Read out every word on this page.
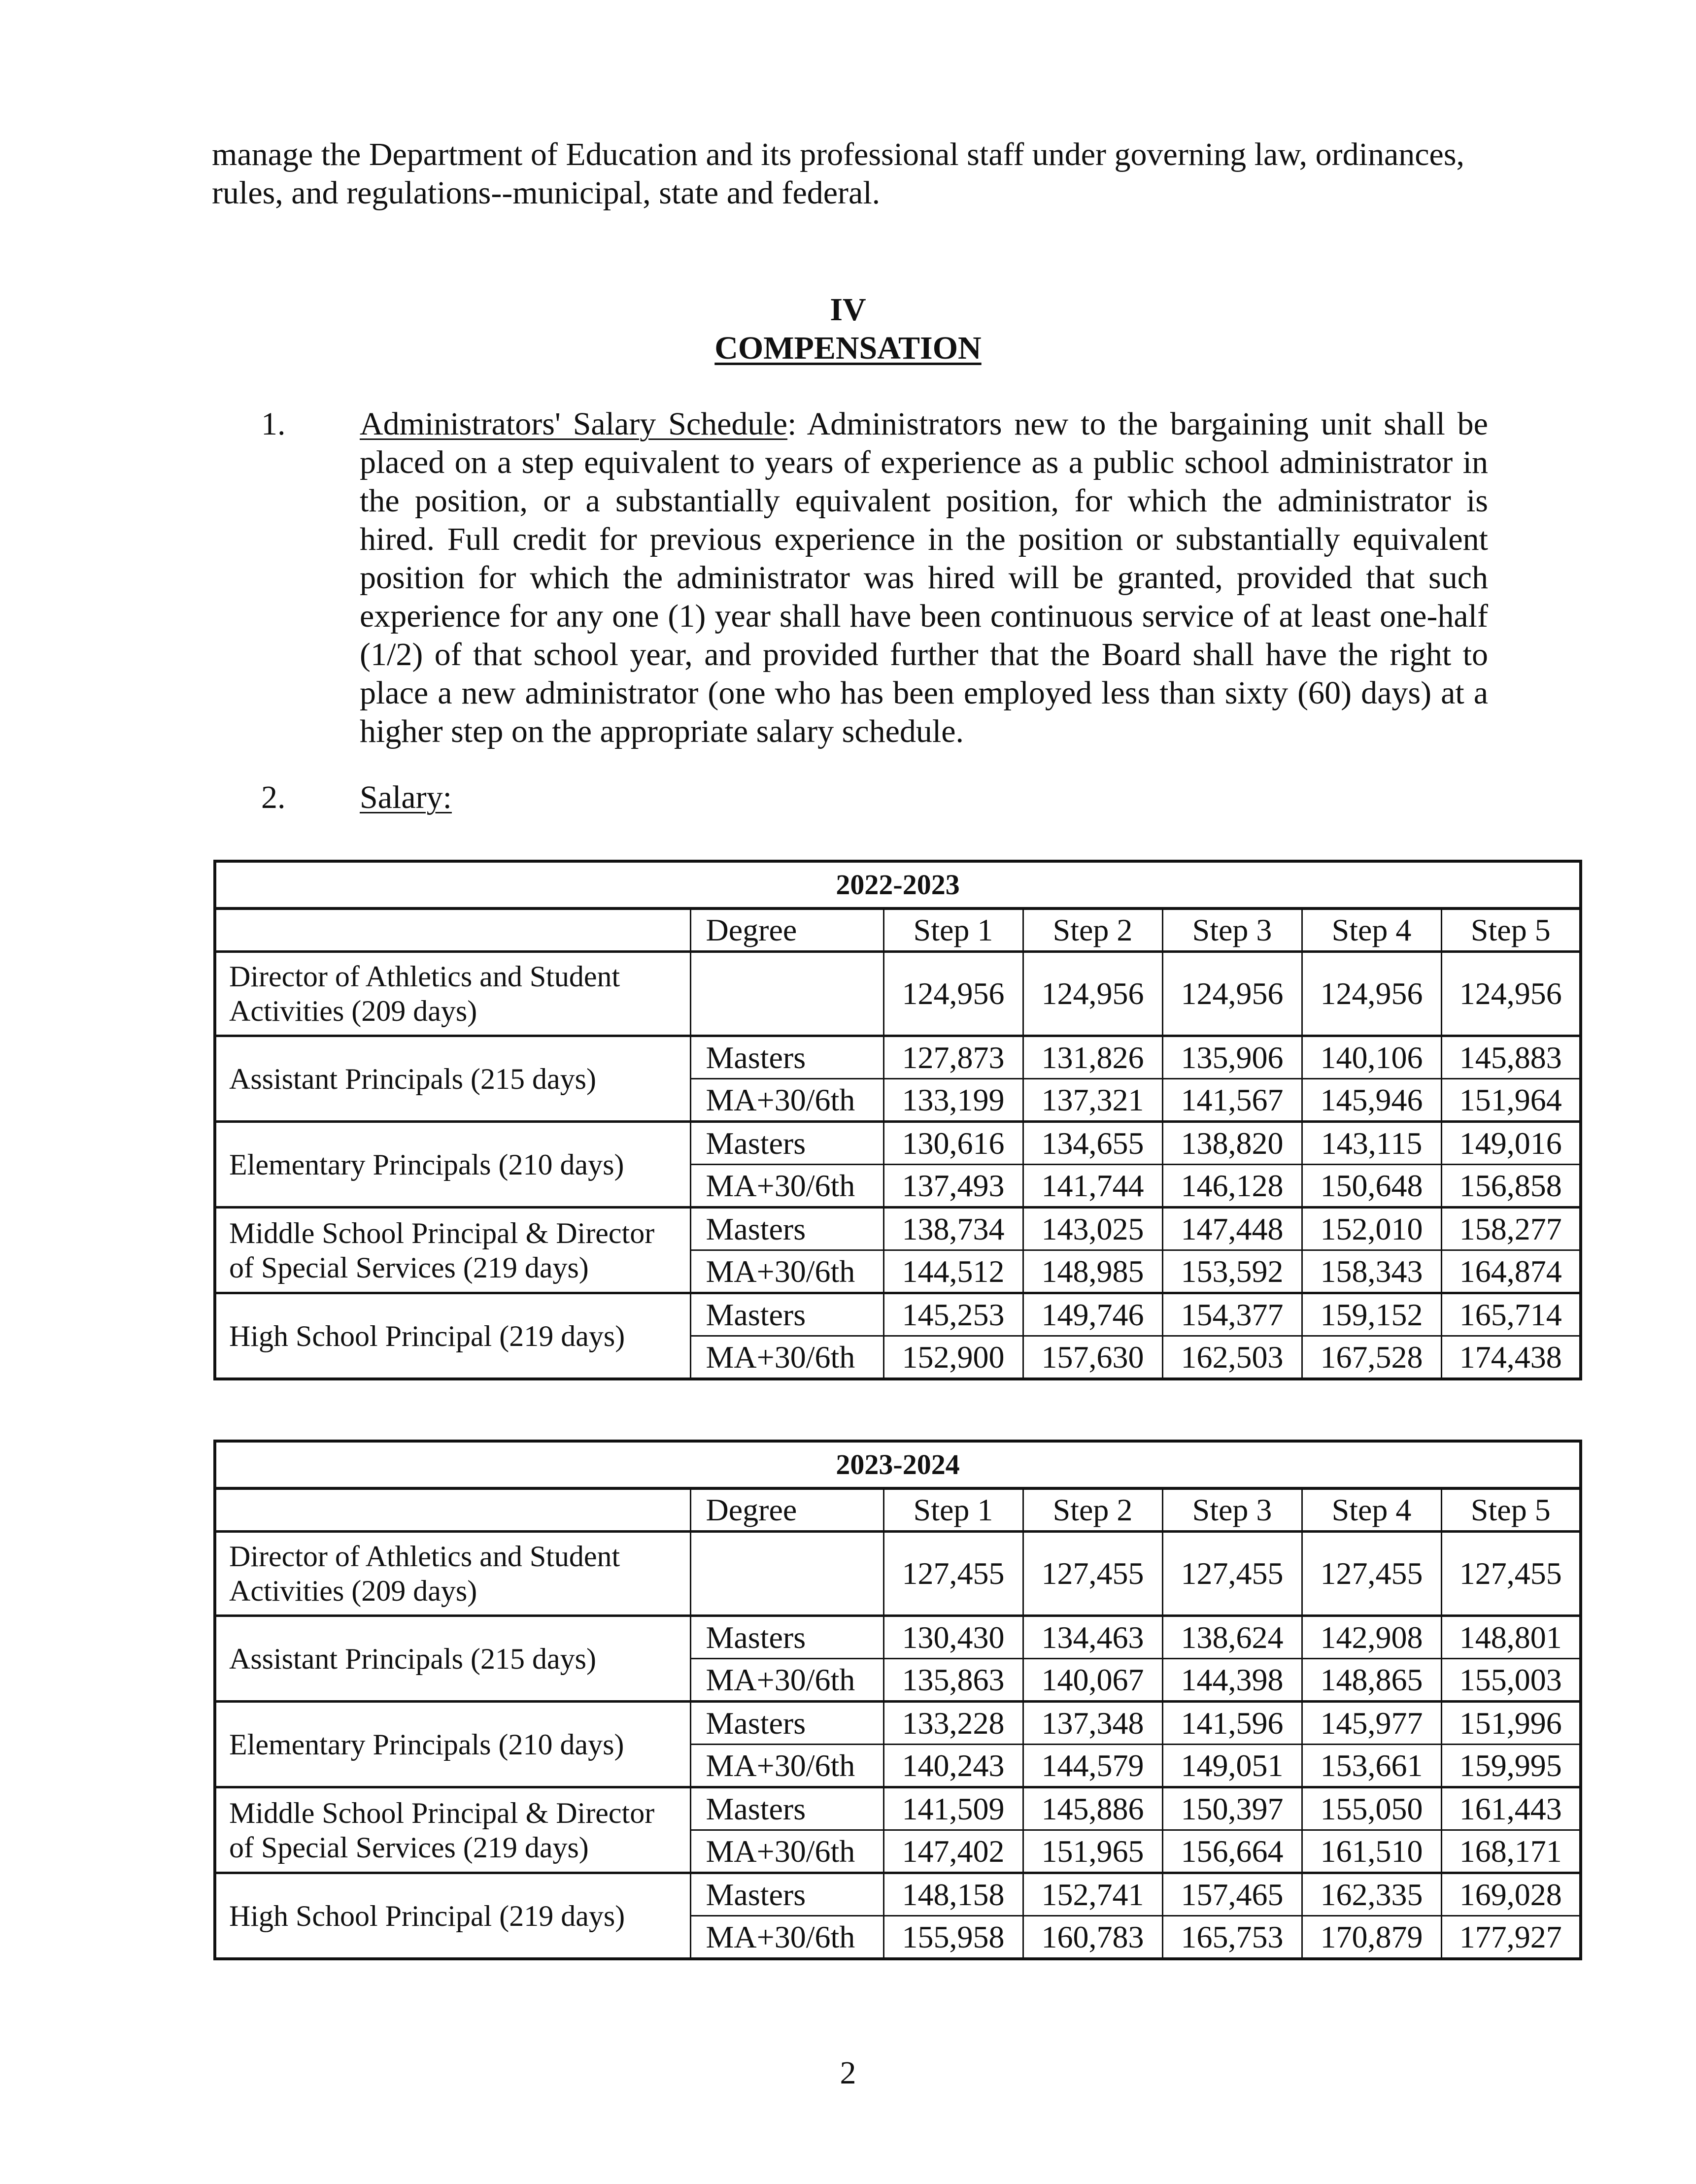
manage the Department of Education and its professional staff under governing law, ordinances, rules, and regulations--municipal, state and federal.

IV
COMPENSATION
1. Administrators' Salary Schedule: Administrators new to the bargaining unit shall be placed on a step equivalent to years of experience as a public school administrator in the position, or a substantially equivalent position, for which the administrator is hired. Full credit for previous experience in the position or substantially equivalent position for which the administrator was hired will be granted, provided that such experience for any one (1) year shall have been continuous service of at least one-half (1/2) of that school year, and provided further that the Board shall have the right to place a new administrator (one who has been employed less than sixty (60) days) at a higher step on the appropriate salary schedule.
2. Salary:
2022-2023						
	Degree	Step 1	Step 2	Step 3	Step 4	Step 5
Director of Athletics and Student Activities (209 days)		124,956	124,956	124,956	124,956	124,956
Assistant Principals (215 days)	Masters	127,873	131,826	135,906	140,106	145,883
	MA+30/6th	133,199	137,321	141,567	145,946	151,964
Elementary Principals (210 days)	Masters	130,616	134,655	138,820	143,115	149,016
	MA+30/6th	137,493	141,744	146,128	150,648	156,858
Middle School Principal & Director of Special Services (219 days)	Masters	138,734	143,025	147,448	152,010	158,277
	MA+30/6th	144,512	148,985	153,592	158,343	164,874
High School Principal (219 days)	Masters	145,253	149,746	154,377	159,152	165,714
	MA+30/6th	152,900	157,630	162,503	167,528	174,438
2023-2024						
	Degree	Step 1	Step 2	Step 3	Step 4	Step 5
Director of Athletics and Student Activities (209 days)		127,455	127,455	127,455	127,455	127,455
Assistant Principals (215 days)	Masters	130,430	134,463	138,624	142,908	148,801
	MA+30/6th	135,863	140,067	144,398	148,865	155,003
Elementary Principals (210 days)	Masters	133,228	137,348	141,596	145,977	151,996
	MA+30/6th	140,243	144,579	149,051	153,661	159,995
Middle School Principal & Director of Special Services (219 days)	Masters	141,509	145,886	150,397	155,050	161,443
	MA+30/6th	147,402	151,965	156,664	161,510	168,171
High School Principal (219 days)	Masters	148,158	152,741	157,465	162,335	169,028
	MA+30/6th	155,958	160,783	165,753	170,879	177,927
2
